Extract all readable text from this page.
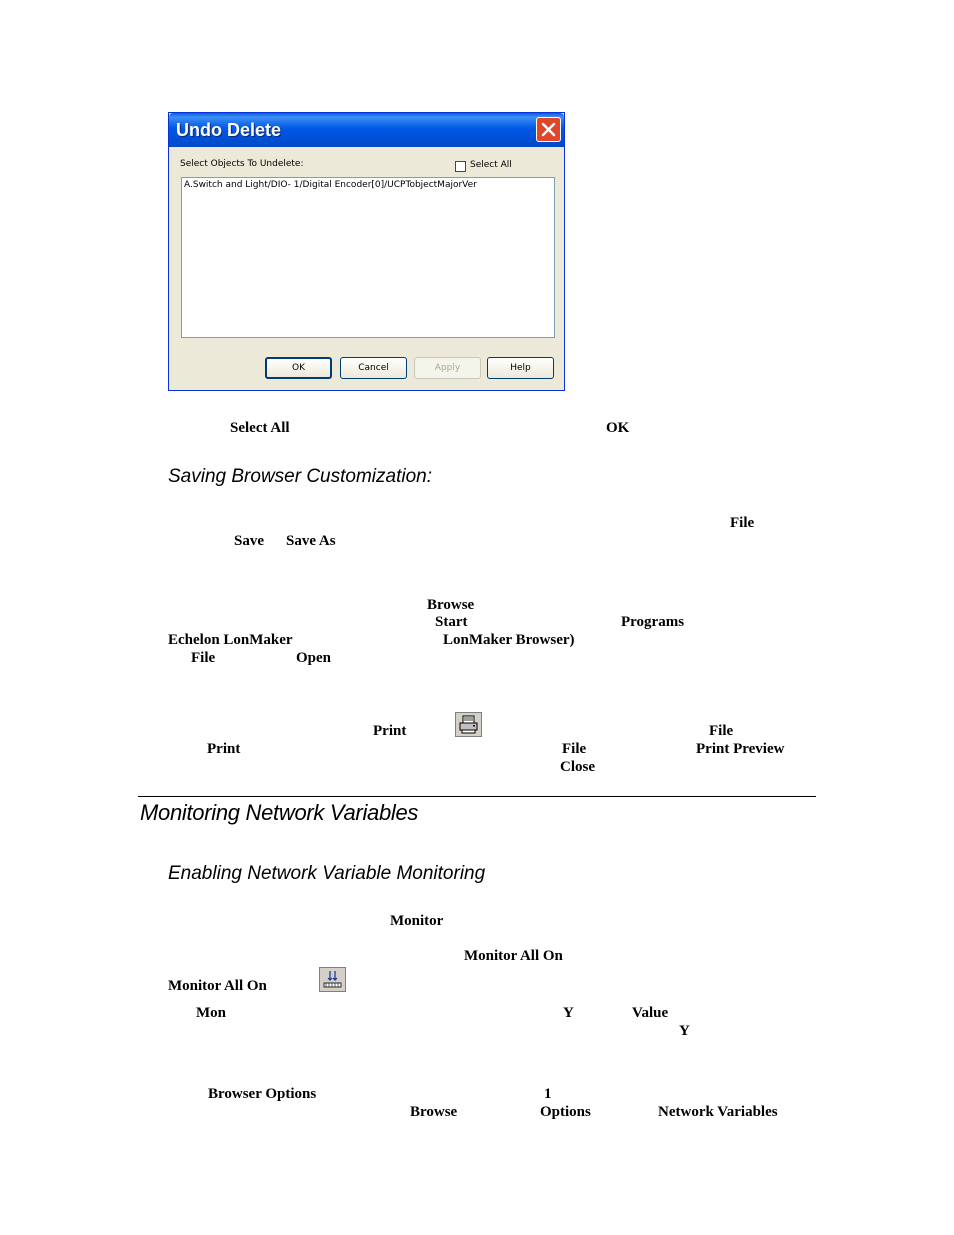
Undo Delete
Select Objects To Undelete:	Select All
A.Switch and Light/DIO- 1/Digital Encoder[0]/UCPTobjectMajorVer
OK	Cancel	Apply	Help
Select All	OK
Saving Browser Customization:
File
Save Save As
Browse
Start	Programs
Echelon LonMaker	LonMaker Browser)
File	Open
Print	File
Print	File	Print Preview
Close
Monitoring Network Variables
Enabling Network Variable Monitoring
Monitor
Monitor All On
Monitor All On
Mon	Y	Value
Y
Browser Options	1
Browse	Options	Network Variables
